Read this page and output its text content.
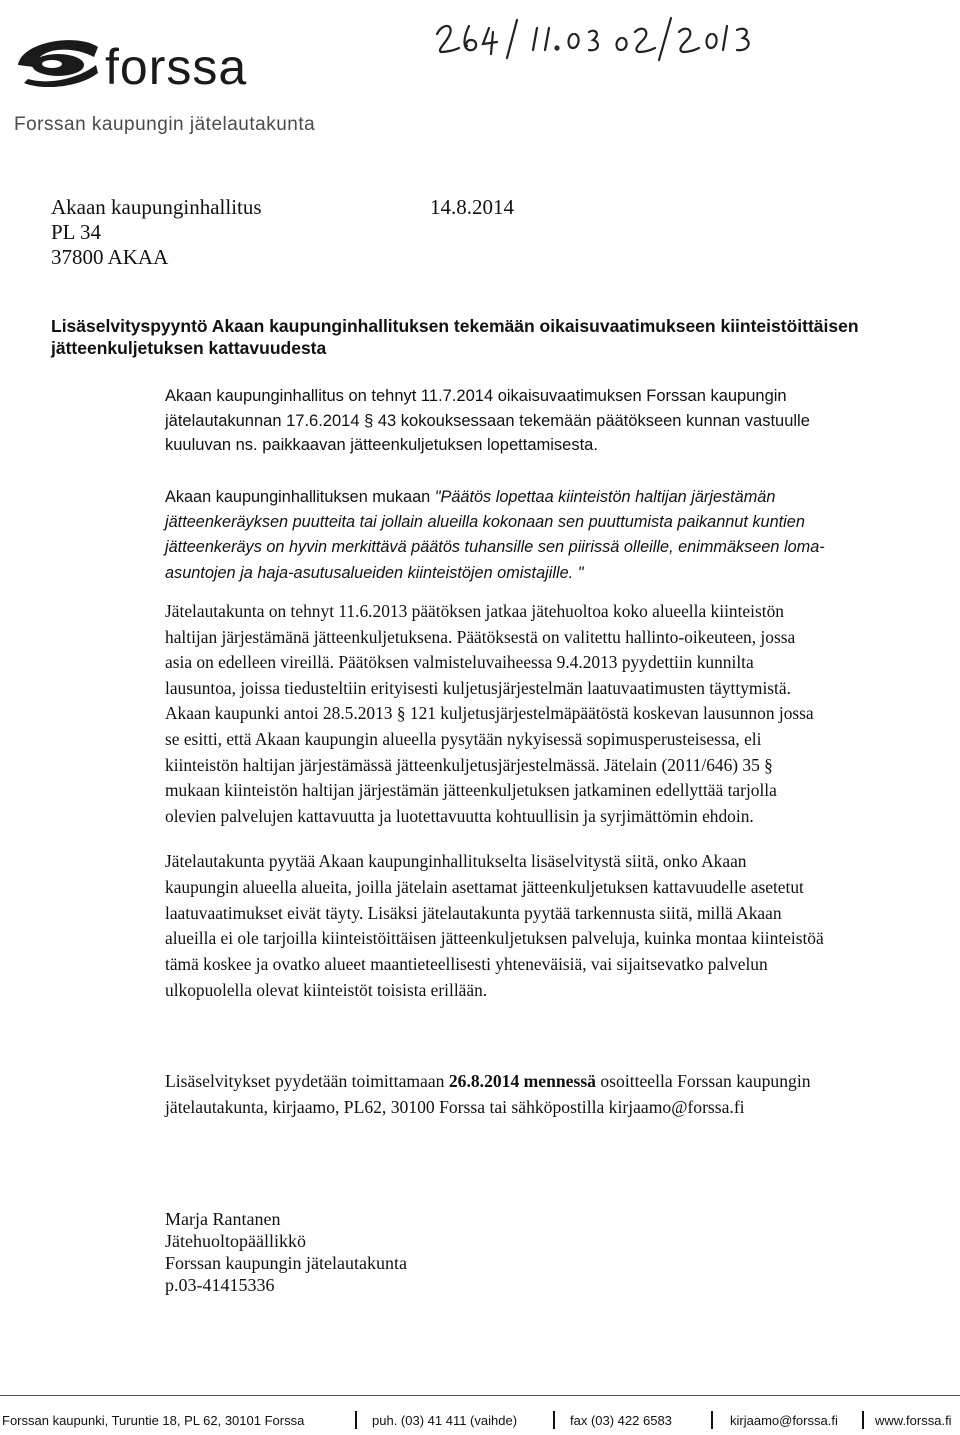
forssa
Forssan kaupungin jätelautakunta
Akaan kaupunginhallitus
PL 34
37800 AKAA
14.8.2014
Lisäselvityspyyntö Akaan kaupunginhallituksen tekemään oikaisuvaatimukseen kiinteistöittäisen
jätteenkuljetuksen kattavuudesta
Akaan kaupunginhallitus on tehnyt 11.7.2014 oikaisuvaatimuksen Forssan kaupungin
jätelautakunnan 17.6.2014 § 43 kokouksessaan tekemään päätökseen kunnan vastuulle
kuuluvan ns. paikkaavan jätteenkuljetuksen lopettamisesta.
Akaan kaupunginhallituksen mukaan "Päätös lopettaa kiinteistön haltijan järjestämän
jätteenkeräyksen puutteita tai jollain alueilla kokonaan sen puuttumista paikannut kuntien
jätteenkeräys on hyvin merkittävä päätös tuhansille sen piirissä olleille, enimmäkseen loma-
asuntojen ja haja-asutusalueiden kiinteistöjen omistajille. "
Jätelautakunta on tehnyt 11.6.2013 päätöksen jatkaa jätehuoltoa koko alueella kiinteistön
haltijan järjestämänä jätteenkuljetuksena. Päätöksestä on valitettu hallinto-oikeuteen, jossa
asia on edelleen vireillä. Päätöksen valmisteluvaiheessa 9.4.2013 pyydettiin kunnilta
lausuntoa, joissa tiedusteltiin erityisesti kuljetusjärjestelmän laatuvaatimusten täyttymistä.
Akaan kaupunki antoi 28.5.2013 § 121 kuljetusjärjestelmäpäätöstä koskevan lausunnon jossa
se esitti, että Akaan kaupungin alueella pysytään nykyisessä sopimusperusteisessa, eli
kiinteistön haltijan järjestämässä jätteenkuljetusjärjestelmässä. Jätelain (2011/646) 35 §
mukaan kiinteistön haltijan järjestämän jätteenkuljetuksen jatkaminen edellyttää tarjolla
olevien palvelujen kattavuutta ja luotettavuutta kohtuullisin ja syrjimättömin ehdoin.
Jätelautakunta pyytää Akaan kaupunginhallitukselta lisäselvitystä siitä, onko Akaan
kaupungin alueella alueita, joilla jätelain asettamat jätteenkuljetuksen kattavuudelle asetetut
laatuvaatimukset eivät täyty. Lisäksi jätelautakunta pyytää tarkennusta siitä, millä Akaan
alueilla ei ole tarjoilla kiinteistöittäisen jätteenkuljetuksen palveluja, kuinka montaa kiinteistöä
tämä koskee ja ovatko alueet maantieteellisesti yhteneväisiä, vai sijaitsevatko palvelun
ulkopuolella olevat kiinteistöt toisista erillään.
Lisäselvitykset pyydetään toimittamaan 26.8.2014 mennessä osoitteella Forssan kaupungin
jätelautakunta, kirjaamo, PL62, 30100 Forssa tai sähköpostilla kirjaamo@forssa.fi
Marja Rantanen
Jätehuoltopäällikkö
Forssan kaupungin jätelautakunta
p.03-41415336
Forssan kaupunki, Turuntie 18, PL 62, 30101 Forssa	puh. (03) 41 411 (vaihde)	fax (03) 422 6583	kirjaamo@forssa.fi	www.forssa.fi
